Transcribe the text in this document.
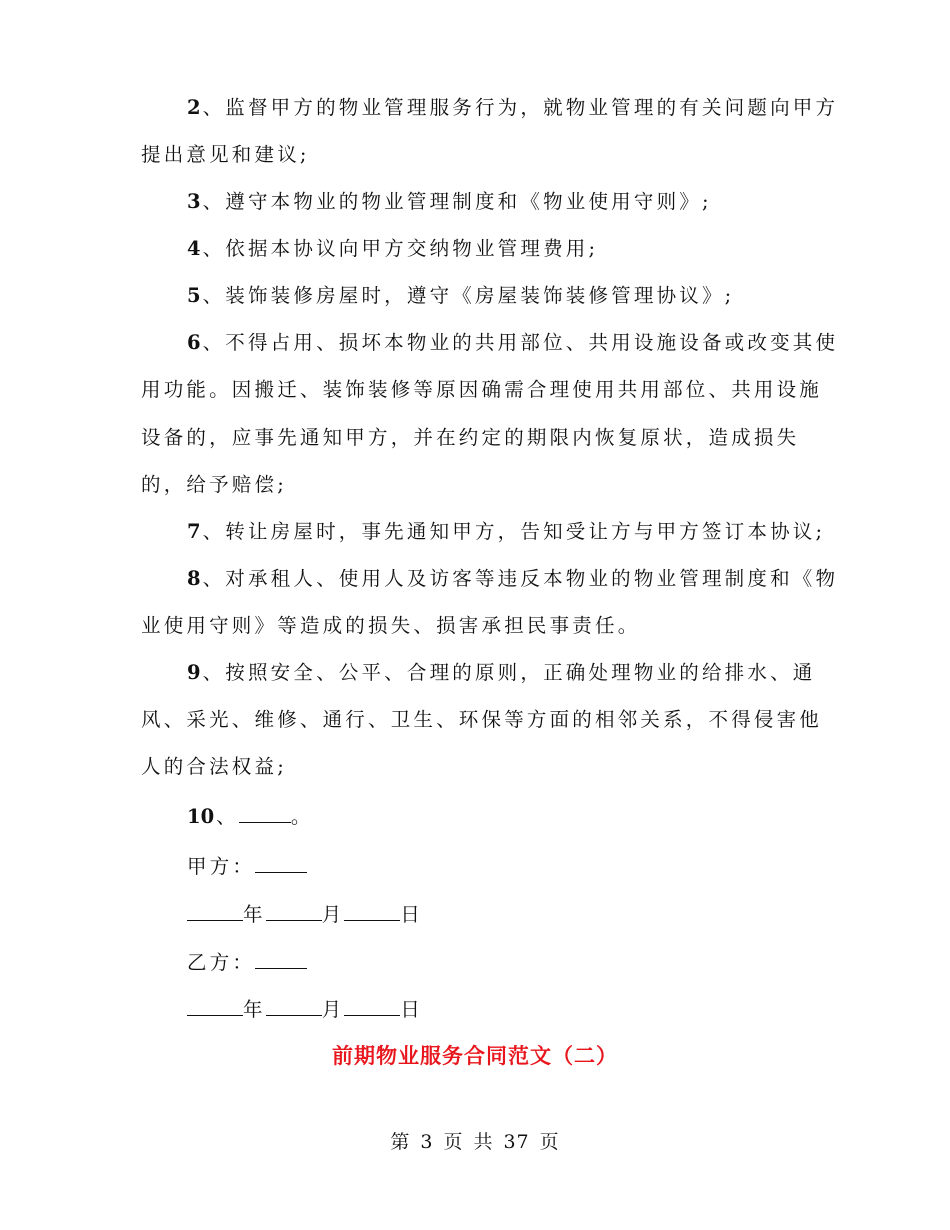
2 、监督甲方的物业管理服务行为，就物业管理的有关问题向甲方
提出意见和建议;
3 、遵守本物业的物业管理制度和《物业使用守则》;
4 、依据本协议向甲方交纳物业管理费用;
5 、装饰装修房屋时，遵守《房屋装饰装修管理协议》;
6 、不得占用、损坏本物业的共用部位、共用设施设备或改变其使
用功能。因搬迁、装饰装修等原因确需合理使用共用部位、共用设施
设备的，应事先通知甲方，并在约定的期限内恢复原状，造成损失
的，给予赔偿;
7 、转让房屋时，事先通知甲方，告知受让方与甲方签订本协议;
8 、对承租人、使用人及访客等违反本物业的物业管理制度和《物
业使用守则》等造成的损失、损害承担民事责任。
9 、按照安全、公平、合理的原则，正确处理物业的给排水、通
风、采光、维修、通行、卫生、环保等方面的相邻关系，不得侵害他
人的合法权益;
10 、	。
甲方：
年	月	日
乙方：
年	月	日
前期物业服务合同范文（二）
第 3 页 共 37 页
